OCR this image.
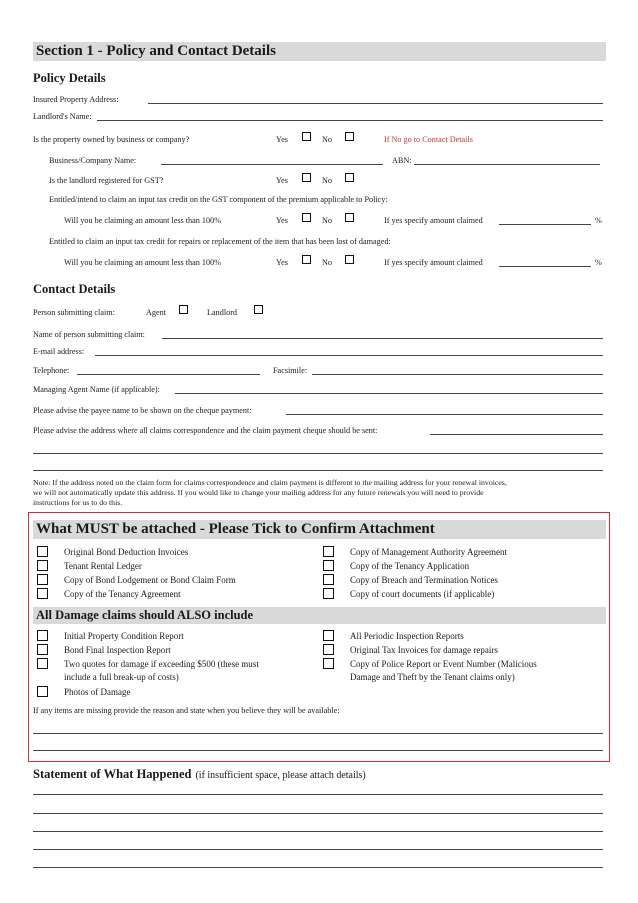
Section 1 - Policy and Contact Details
Policy Details
Insured Property Address:
Landlord's Name:
Is the property owned by business or company?	Yes	No	If No go to Contact Details
Business/Company Name:	ABN:
Is the landlord registered for GST?	Yes	No
Entitled/intend to claim an input tax credit on the GST component of the premium applicable to Policy:
Will you be claiming an amount less than 100%	Yes	No	If yes specify amount claimed	%
Entitled to claim an input tax credit for repairs or replacement of the item that has been lost of damaged:
Will you be claiming an amount less than 100%	Yes	No	If yes specify amount claimed	%
Contact Details
Person submitting claim:	Agent	Landlord
Name of person submitting claim:
E-mail address:
Telephone:	Facsimile:
Managing Agent Name (if applicable):
Please advise the payee name to be shown on the cheque payment:
Please advise the address where all claims correspondence and the claim payment cheque should be sent:
Note: If the address noted on the claim form for claims correspondence and claim payment is different to the mailing address for your renewal invoices,
we will not automatically update this address. If you would like to change your mailing address for any future renewals you will need to provide
instructions for us to do this.
What MUST be attached - Please Tick to Confirm Attachment
Original Bond Deduction Invoices
Tenant Rental Ledger
Copy of Bond Lodgement or Bond Claim Form
Copy of the Tenancy Agreement
Copy of Management Authority Agreement
Copy of the Tenancy Application
Copy of Breach and Termination Notices
Copy of court documents (if applicable)
All Damage claims should ALSO include
Initial Property Condition Report
Bond Final Inspection Report
Two quotes for damage if exceeding $500 (these must
include a full break-up of costs)
Photos of Damage
All Periodic Inspection Reports
Original Tax Invoices for damage repairs
Copy of Police Report or Event Number (Malicious
Damage and Theft by the Tenant claims only)
If any items are missing provide the reason and state when you believe they will be available:
Statement of What Happened (if insufficient space, please attach details)
